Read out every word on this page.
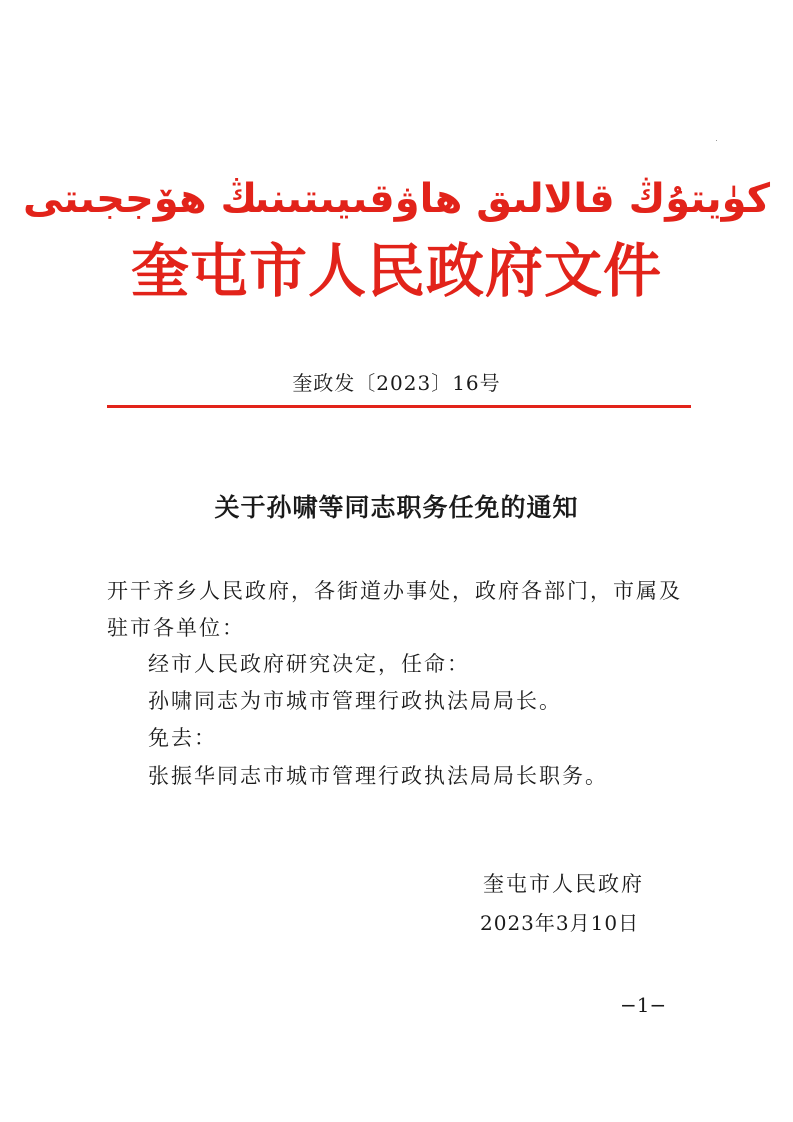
كۈيتۇڭ قالالىق ھاۋقىيىتىنىڭ ھۆججىتى
奎屯市人民政府文件
奎政发〔2023〕16号
关于孙啸等同志职务任免的通知
开干齐乡人民政府，各街道办事处，政府各部门，市属及驻市各单位：
经市人民政府研究决定，任命：
孙啸同志为市城市管理行政执法局局长。
免去：
张振华同志市城市管理行政执法局局长职务。
奎屯市人民政府
2023年3月10日
−1−
